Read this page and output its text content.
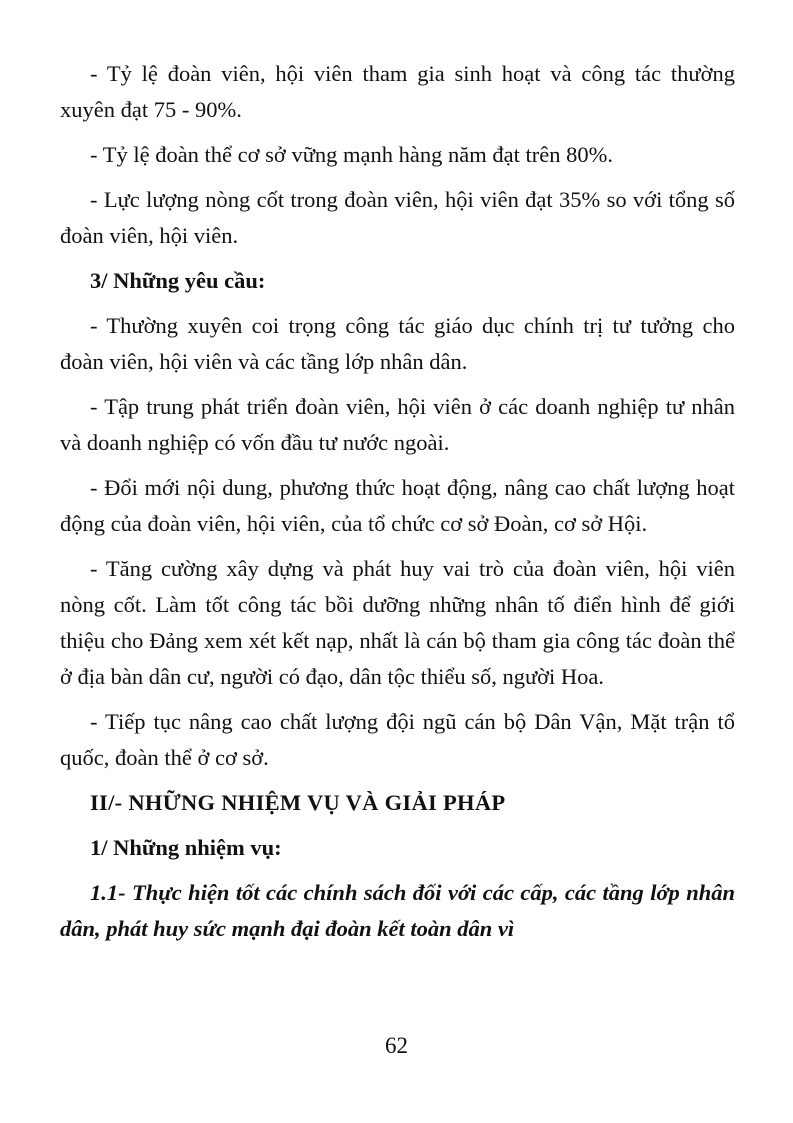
- Tỷ lệ đoàn viên, hội viên tham gia sinh hoạt và công tác thường xuyên đạt 75 - 90%.

- Tỷ lệ đoàn thể cơ sở vững mạnh hàng năm đạt trên 80%.

- Lực lượng nòng cốt trong đoàn viên, hội viên đạt 35% so với tổng số đoàn viên, hội viên.

3/ Những yêu cầu:

- Thường xuyên coi trọng công tác giáo dục chính trị tư tưởng cho đoàn viên, hội viên và các tầng lớp nhân dân.

- Tập trung phát triển đoàn viên, hội viên ở các doanh nghiệp tư nhân và doanh nghiệp có vốn đầu tư nước ngoài.

- Đổi mới nội dung, phương thức hoạt động, nâng cao chất lượng hoạt động của đoàn viên, hội viên, của tổ chức cơ sở Đoàn, cơ sở Hội.

- Tăng cường xây dựng và phát huy vai trò của đoàn viên, hội viên nòng cốt. Làm tốt công tác bồi dưỡng những nhân tố điển hình để giới thiệu cho Đảng xem xét kết nạp, nhất là cán bộ tham gia công tác đoàn thể ở địa bàn dân cư, người có đạo, dân tộc thiểu số, người Hoa.

- Tiếp tục nâng cao chất lượng đội ngũ cán bộ Dân Vận, Mặt trận tổ quốc, đoàn thể ở cơ sở.

II/- NHỮNG NHIỆM VỤ VÀ GIẢI PHÁP

1/ Những nhiệm vụ:

1.1- Thực hiện tốt các chính sách đối với các cấp, các tầng lớp nhân dân, phát huy sức mạnh đại đoàn kết toàn dân vì

62
